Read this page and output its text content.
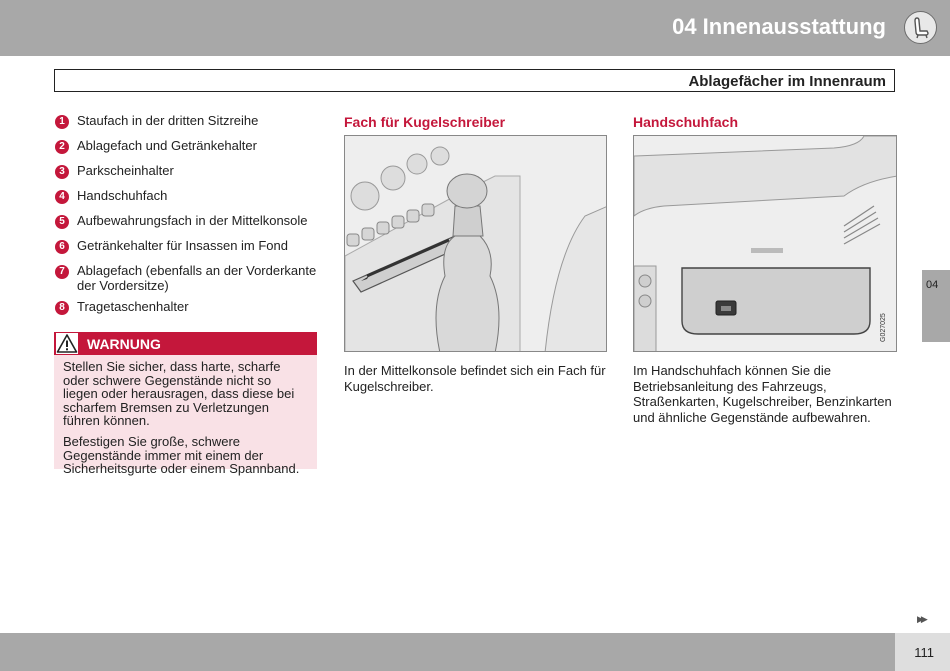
04 Innenausstattung
Ablagefächer im Innenraum
1 Staufach in der dritten Sitzreihe
2 Ablagefach und Getränkehalter
3 Parkscheinhalter
4 Handschuhfach
5 Aufbewahrungsfach in der Mittelkonsole
6 Getränkehalter für Insassen im Fond
7 Ablagefach (ebenfalls an der Vorderkante der Vordersitze)
8 Tragetaschenhalter
WARNUNG

Stellen Sie sicher, dass harte, scharfe oder schwere Gegenstände nicht so liegen oder herausragen, dass diese bei scharfem Bremsen zu Verletzungen führen können.

Befestigen Sie große, schwere Gegenstände immer mit einem der Sicherheitsgurte oder einem Spannband.

Fach für Kugelschreiber
In der Mittelkonsole befindet sich ein Fach für Kugelschreiber.
Handschuhfach
G027025
Im Handschuhfach können Sie die Betriebsanleitung des Fahrzeugs, Straßenkarten, Kugelschreiber, Benzinkarten und ähnliche Gegenstände aufbewahren.
04
▶▶
111
